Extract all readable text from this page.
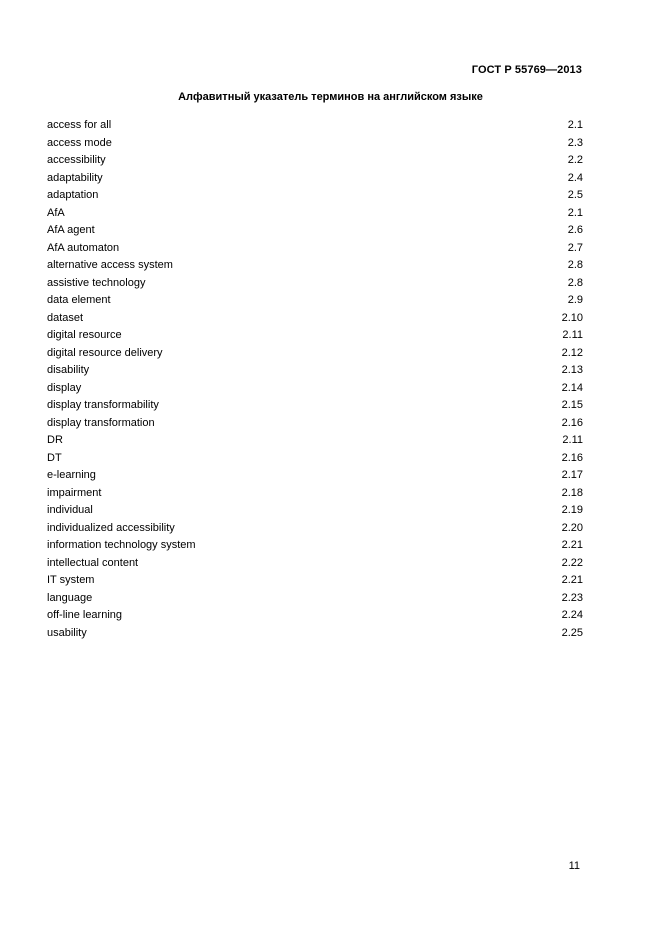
ГОСТ Р 55769—2013
Алфавитный указатель терминов на английском языке
access for all	2.1
access mode	2.3
accessibility	2.2
adaptability	2.4
adaptation	2.5
AfA	2.1
AfA agent	2.6
AfA automaton	2.7
alternative access system	2.8
assistive technology	2.8
data element	2.9
dataset	2.10
digital resource	2.11
digital resource delivery	2.12
disability	2.13
display	2.14
display transformability	2.15
display transformation	2.16
DR	2.11
DT	2.16
e-learning	2.17
impairment	2.18
individual	2.19
individualized accessibility	2.20
information technology system	2.21
intellectual content	2.22
IT system	2.21
language	2.23
off-line learning	2.24
usability	2.25
11
